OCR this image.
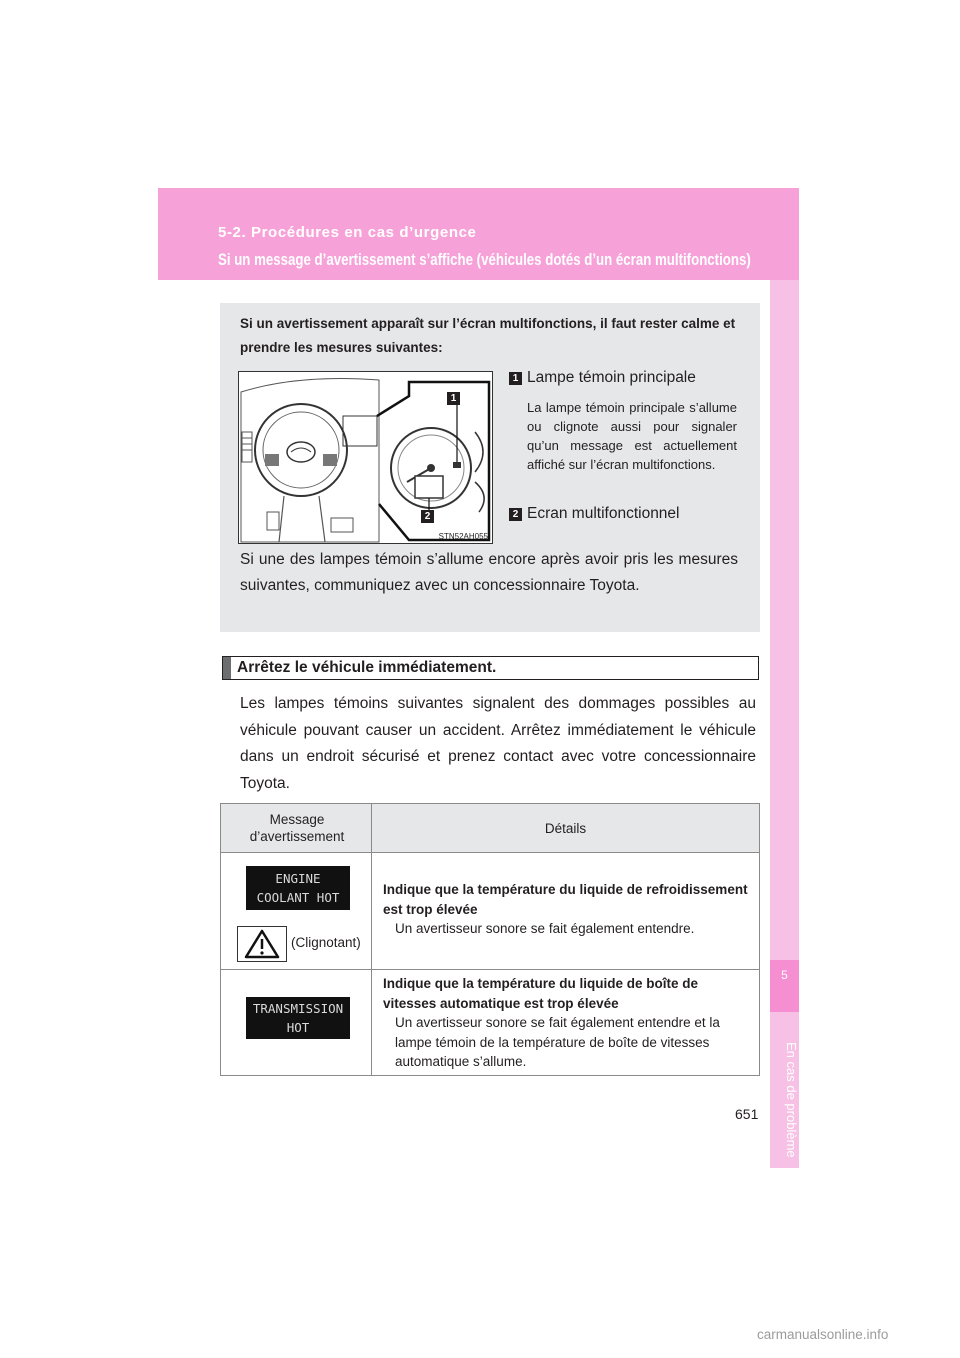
5-2. Procédures en cas d’urgence
Si un message d’avertissement s’affiche (véhicules dotés d’un écran multifonctions)
5
En cas de problème
Si un avertissement apparaît sur l’écran multifonctions, il faut rester calme et prendre les mesures suivantes:
1
2
STN52AH055
1 Lampe témoin principale
La lampe témoin principale s’allume ou clignote aussi pour signaler qu’un message est actuellement affiché sur l’écran multifonctions.
2 Ecran multifonctionnel
Si une des lampes témoin s’allume encore après avoir pris les mesures suivantes, communiquez avec un concessionnaire Toyota.
Arrêtez le véhicule immédiatement.
Les lampes témoins suivantes signalent des dommages possibles au véhicule pouvant causer un accident. Arrêtez immédiatement le véhicule dans un endroit sécurisé et prenez contact avec votre concessionnaire Toyota.
Message d’avertissement
Détails
ENGINE
COOLANT HOT
(Clignotant)
Indique que la température du liquide de refroidissement est trop élevée
Un avertisseur sonore se fait également entendre.
TRANSMISSION
HOT
Indique que la température du liquide de boîte de vitesses automatique est trop élevée
Un avertisseur sonore se fait également entendre et la lampe témoin de la température de boîte de vitesses automatique s’allume.
651
carmanualsonline.info
